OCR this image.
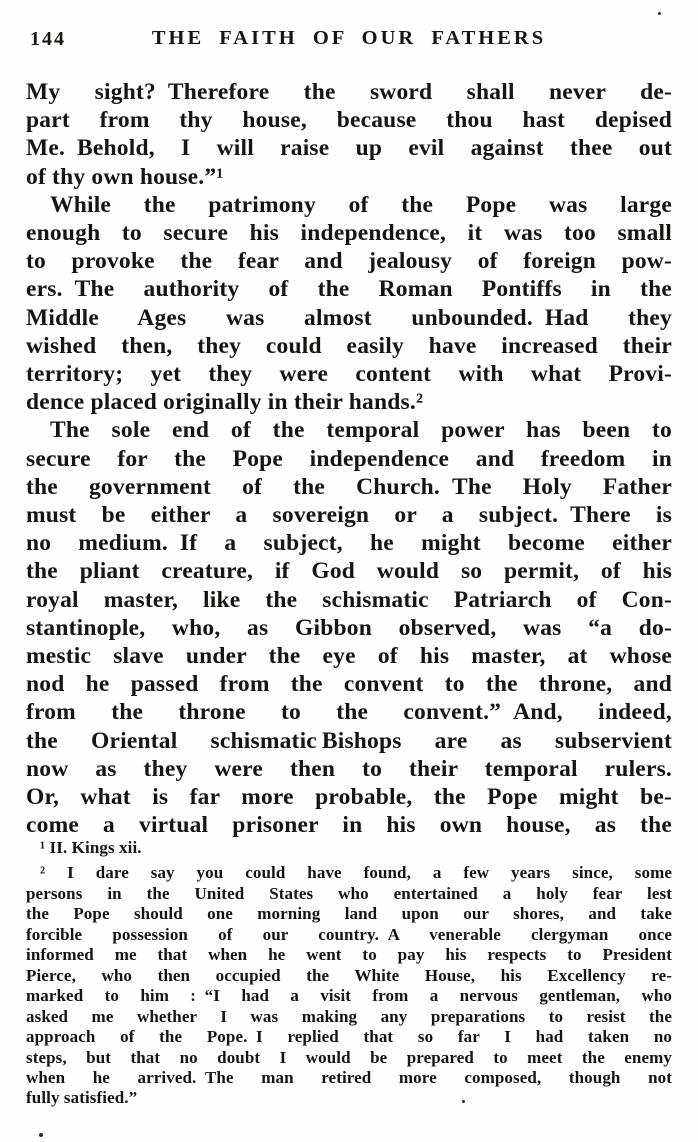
144	THE FAITH OF OUR FATHERS
My sight? Therefore the sword shall never de-
part from thy house, because thou hast depised
Me. Behold, I will raise up evil against thee out
of thy own house.”¹
While the patrimony of the Pope was large
enough to secure his independence, it was too small
to provoke the fear and jealousy of foreign pow-
ers. The authority of the Roman Pontiffs in the
Middle Ages was almost unbounded. Had they
wished then, they could easily have increased their
territory; yet they were content with what Provi-
dence placed originally in their hands.²
The sole end of the temporal power has been to
secure for the Pope independence and freedom in
the government of the Church. The Holy Father
must be either a sovereign or a subject. There is
no medium. If a subject, he might become either
the pliant creature, if God would so permit, of his
royal master, like the schismatic Patriarch of Con-
stantinople, who, as Gibbon observed, was “a do-
mestic slave under the eye of his master, at whose
nod he passed from the convent to the throne, and
from the throne to the convent.” And, indeed,
the Oriental schismatic Bishops are as subservient
now as they were then to their temporal rulers.
Or, what is far more probable, the Pope might be-
come a virtual prisoner in his own house, as the
¹ II. Kings xii.
² I dare say you could have found, a few years since, some
persons in the United States who entertained a holy fear lest
the Pope should one morning land upon our shores, and take
forcible possession of our country. A venerable clergyman once
informed me that when he went to pay his respects to President
Pierce, who then occupied the White House, his Excellency re-
marked to him : “I had a visit from a nervous gentleman, who
asked me whether I was making any preparations to resist the
approach of the Pope. I replied that so far I had taken no
steps, but that no doubt I would be prepared to meet the enemy
when he arrived. The man retired more composed, though not
fully satisfied.”
